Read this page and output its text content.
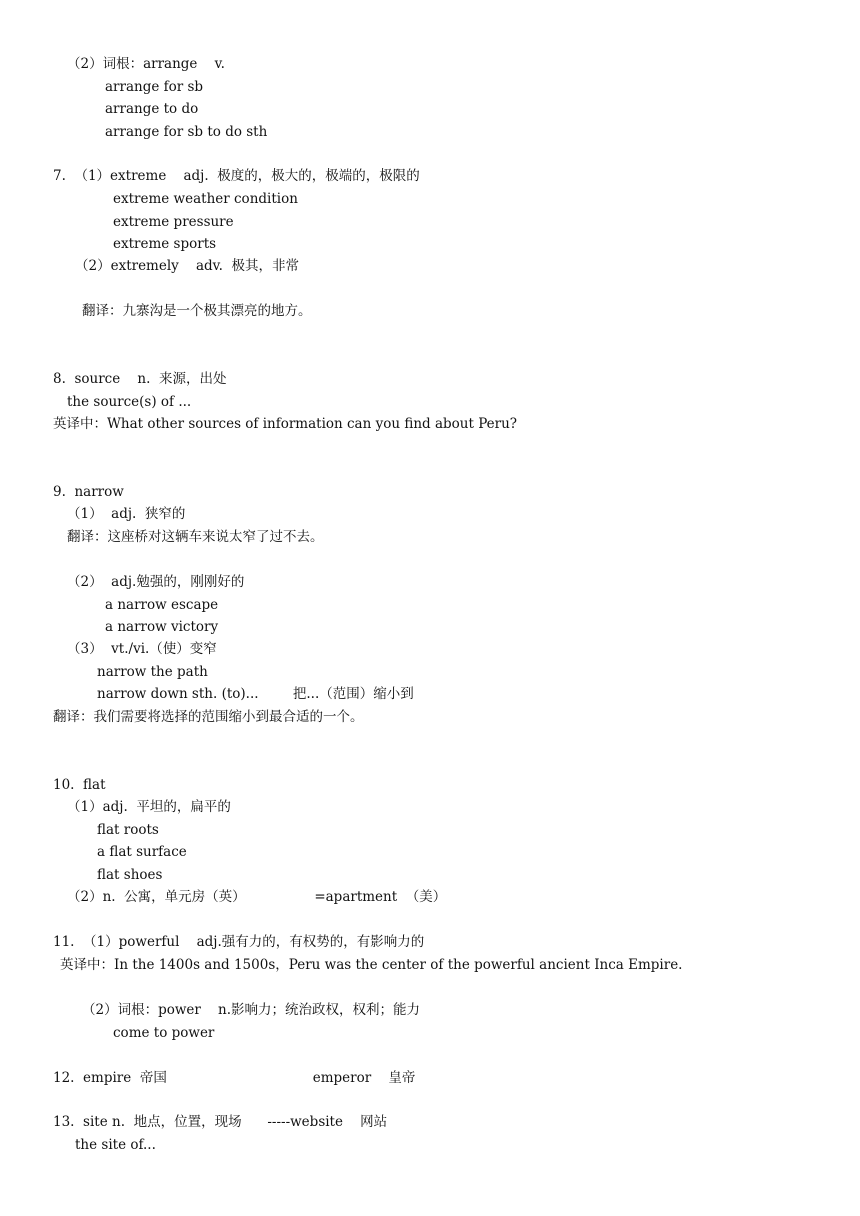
（2）词根：arrange    v.
arrange for sb
arrange to do
arrange for sb to do sth
7.  （1）extreme    adj.  极度的，极大的，极端的，极限的
extreme weather condition
extreme pressure
extreme sports
（2）extremely    adv.  极其，非常
翻译：九寨沟是一个极其漂亮的地方。
8.  source    n.  来源，出处
the source(s) of ...
英译中：What other sources of information can you find about Peru?
9.  narrow
（1）  adj.  狭窄的
翻译：这座桥对这辆车来说太窄了过不去。
（2）  adj.勉强的，刚刚好的
a narrow escape
a narrow victory
（3）  vt./vi.（使）变窄
narrow the path
narrow down sth. (to)...        把...（范围）缩小到
翻译：我们需要将选择的范围缩小到最合适的一个。
10.  flat
（1）adj.  平坦的，扁平的
flat roots
a flat surface
flat shoes
（2）n.  公寓，单元房（英）                =apartment  （美）
11.  （1）powerful    adj.强有力的，有权势的，有影响力的
英译中：In the 1400s and 1500s，Peru was the center of the powerful ancient Inca Empire.
（2）词根：power    n.影响力；统治政权，权利；能力
come to power
12.  empire  帝国                                  emperor    皇帝
13.  site n.  地点，位置，现场      -----website    网站
the site of...
